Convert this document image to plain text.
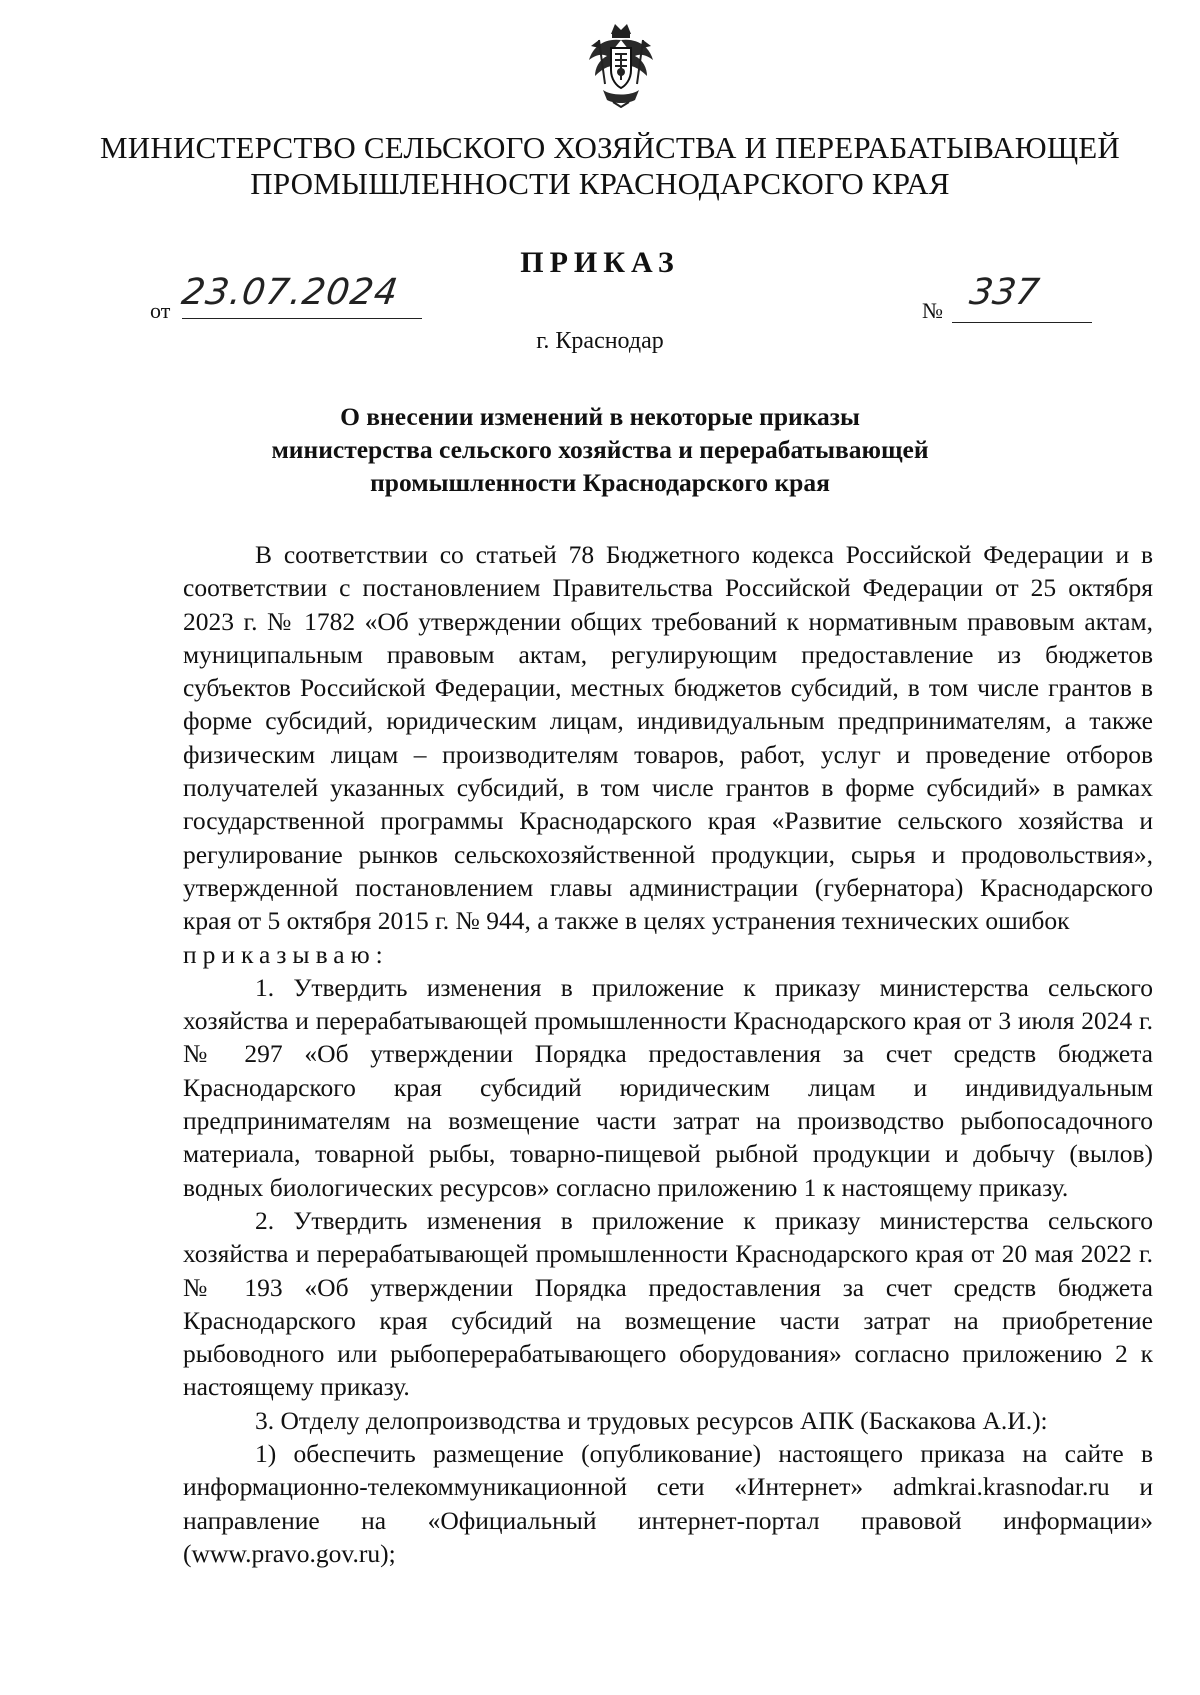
МИНИСТЕРСТВО СЕЛЬСКОГО ХОЗЯЙСТВА И ПЕРЕРАБАТЫВАЮЩЕЙ
ПРОМЫШЛЕННОСТИ КРАСНОДАРСКОГО КРАЯ
ПРИКАЗ
от 23.07.2024	№ 337
г. Краснодар
О внесении изменений в некоторые приказы
министерства сельского хозяйства и перерабатывающей
промышленности Краснодарского края

В соответствии со статьей 78 Бюджетного кодекса Российской Федерации и в соответствии с постановлением Правительства Российской Федерации от 25 октября 2023 г. № 1782 «Об утверждении общих требований к нормативным правовым актам, муниципальным правовым актам, регулирующим предоставление из бюджетов субъектов Российской Федерации, местных бюджетов субсидий, в том числе грантов в форме субсидий, юридическим лицам, индивидуальным предпринимателям, а также физическим лицам – производителям товаров, работ, услуг и проведение отборов получателей указанных субсидий, в том числе грантов в форме субсидий» в рамках государственной программы Краснодарского края «Развитие сельского хозяйства и регулирование рынков сельскохозяйственной продукции, сырья и продовольствия», утвержденной постановлением главы администрации (губернатора) Краснодарского края от 5 октября 2015 г. № 944, а также в целях устранения технических ошибок

приказываю:

1. Утвердить изменения в приложение к приказу министерства сельского хозяйства и перерабатывающей промышленности Краснодарского края от 3 июля 2024 г. № 297 «Об утверждении Порядка предоставления за счет средств бюджета Краснодарского края субсидий юридическим лицам и индивидуальным предпринимателям на возмещение части затрат на производство рыбопосадочного материала, товарной рыбы, товарно-пищевой рыбной продукции и добычу (вылов) водных биологических ресурсов» согласно приложению 1 к настоящему приказу.

2. Утвердить изменения в приложение к приказу министерства сельского хозяйства и перерабатывающей промышленности Краснодарского края от 20 мая 2022 г. № 193 «Об утверждении Порядка предоставления за счет средств бюджета Краснодарского края субсидий на возмещение части затрат на приобретение рыбоводного или рыбоперерабатывающего оборудования» согласно приложению 2 к настоящему приказу.

3. Отделу делопроизводства и трудовых ресурсов АПК (Баскакова А.И.):

1) обеспечить размещение (опубликование) настоящего приказа на сайте в информационно-телекоммуникационной сети «Интернет» admkrai.krasnodar.ru и направление на «Официальный интернет-портал правовой информации» (www.pravo.gov.ru);
